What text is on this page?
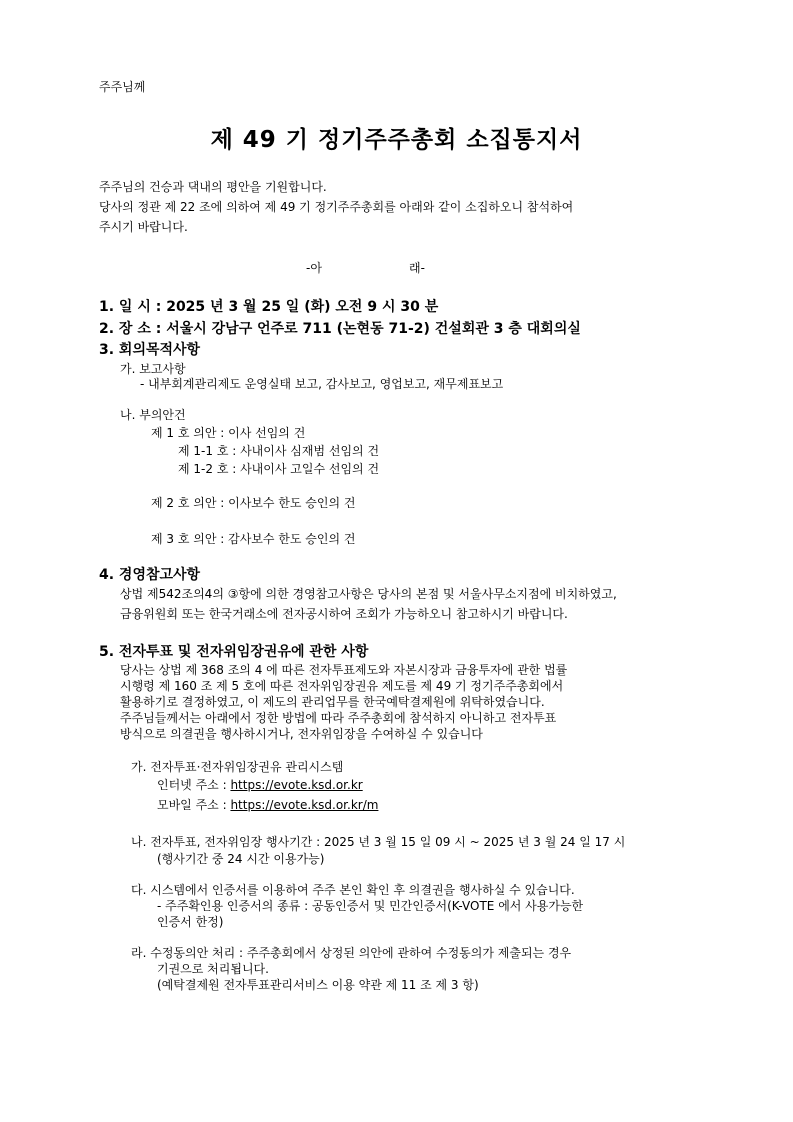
주주님께
제 49 기 정기주주총회 소집통지서
주주님의 건승과 댁내의 평안을 기원합니다.
당사의 정관 제 22 조에 의하여 제 49 기 정기주주총회를 아래와 같이 소집하오니 참석하여
주시기 바랍니다.
-아	래-
1. 일 시 : 2025 년 3 월 25 일 (화) 오전 9 시 30 분
2. 장 소 : 서울시 강남구 언주로 711 (논현동 71-2) 건설회관 3 층 대회의실
3. 회의목적사항
가. 보고사항
- 내부회계관리제도 운영실태 보고, 감사보고, 영업보고, 재무제표보고
나. 부의안건
제 1 호 의안 : 이사 선임의 건
제 1-1 호 : 사내이사 심재범 선임의 건
제 1-2 호 : 사내이사 고일수 선임의 건
제 2 호 의안 : 이사보수 한도 승인의 건
제 3 호 의안 : 감사보수 한도 승인의 건
4. 경영참고사항
상법 제542조의4의 ③항에 의한 경영참고사항은 당사의 본점 및 서울사무소지점에 비치하였고,
금융위원회 또는 한국거래소에 전자공시하여 조회가 가능하오니 참고하시기 바랍니다.
5. 전자투표 및 전자위임장권유에 관한 사항
당사는 상법 제 368 조의 4 에 따른 전자투표제도와 자본시장과 금융투자에 관한 법률
시행령 제 160 조 제 5 호에 따른 전자위임장권유 제도를 제 49 기 정기주주총회에서
활용하기로 결정하였고, 이 제도의 관리업무를 한국예탁결제원에 위탁하였습니다.
주주님들께서는 아래에서 정한 방법에 따라 주주총회에 참석하지 아니하고 전자투표
방식으로 의결권을 행사하시거나, 전자위임장을 수여하실 수 있습니다
가. 전자투표·전자위임장권유 관리시스템
인터넷 주소 : https://evote.ksd.or.kr
모바일 주소 : https://evote.ksd.or.kr/m
나. 전자투표, 전자위임장 행사기간 : 2025 년 3 월 15 일 09 시 ~ 2025 년 3 월 24 일 17 시
(행사기간 중 24 시간 이용가능)
다. 시스템에서 인증서를 이용하여 주주 본인 확인 후 의결권을 행사하실 수 있습니다.
- 주주확인용 인증서의 종류 : 공동인증서 및 민간인증서(K-VOTE 에서 사용가능한
인증서 한정)
라. 수정동의안 처리 : 주주총회에서 상정된 의안에 관하여 수정동의가 제출되는 경우
기권으로 처리됩니다.
(예탁결제원 전자투표관리서비스 이용 약관 제 11 조 제 3 항)
